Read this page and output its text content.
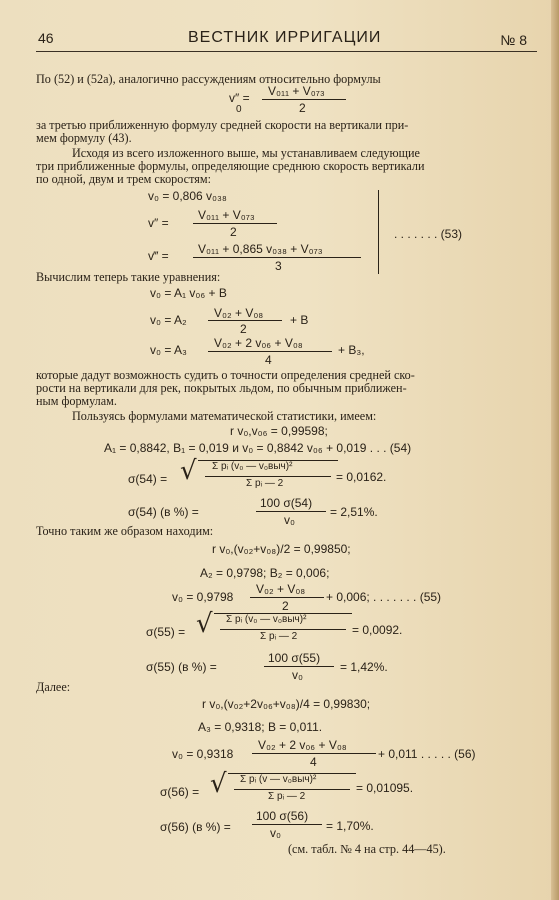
46	ВЕСТНИК ИРРИГАЦИИ	№ 8
По (52) и (52а), аналогично рассуждениям относительно формулы
v″ =
0
V₀₁₁ + V₀₇₃
2
за третью приближенную формулу средней скорости на вертикали при-
мем формулу (43).
Исходя из всего изложенного выше, мы устанавливаем следующие
три приближенные формулы, определяющие среднюю скорость вертикали
по одной, двум и трем скоростям:
v₀ = 0,806 v₀₃₈
v″ =
V₀₁₁ + V₀₇₃
2
v‴ = V₀₁₁ + 0,865 v₀₃₈ + V₀₇₃
3
. . . . . . . (53)
Вычислим теперь такие уравнения:
v₀ = A₁ v₀₆ + B
v₀ = A₂ V₀₂ + V₀₈
2
+ B
v₀ = A₃ V₀₂ + 2 v₀₆ + V₀₈
4
+ B₃,
которые дадут возможность судить о точности определения средней ско-
рости на вертикали для рек, покрытых льдом, по обычным приближен-
ным формулам.
Пользуясь формулами математической статистики, имеем:
r v₀,v₀₆ = 0,99598;
A₁ = 0,8842, B₁ = 0,019 и v₀ = 0,8842 v₀₆ + 0,019 . . . (54)
σ(54) = √ Σ pᵢ (v₀ — v₀выч)²
Σ pᵢ — 2	= 0,0162.
σ(54) (в %) =
100 σ(54)
v₀
= 2,51%.
Точно таким же образом находим:
r v₀,(v₀₂+v₀₈)/2 = 0,99850;
A₂ = 0,9798; B₂ = 0,006;
v₀ = 0,9798
V₀₂ + V₀₈
2
+ 0,006; . . . . . . . (55)
σ(55) = √ Σ pᵢ (v₀ — v₀выч)²
Σ pᵢ — 2	= 0,0092.
σ(55) (в %) =
100 σ(55)
v₀
= 1,42%.
Далее:
r v₀,(v₀₂+2v₀₆+v₀₈)/4 = 0,99830;
A₃ = 0,9318; B = 0,011.
v₀ = 0,9318
V₀₂ + 2 v₀₆ + V₀₈
4
+ 0,011 . . . . . (56)
σ(56) = √ Σ pᵢ (v — v₀выч)²
Σ pᵢ — 2
= 0,01095.
σ(56) (в %) =
100 σ(56)
v₀	= 1,70%.
(см. табл. № 4 на стр. 44—45).
